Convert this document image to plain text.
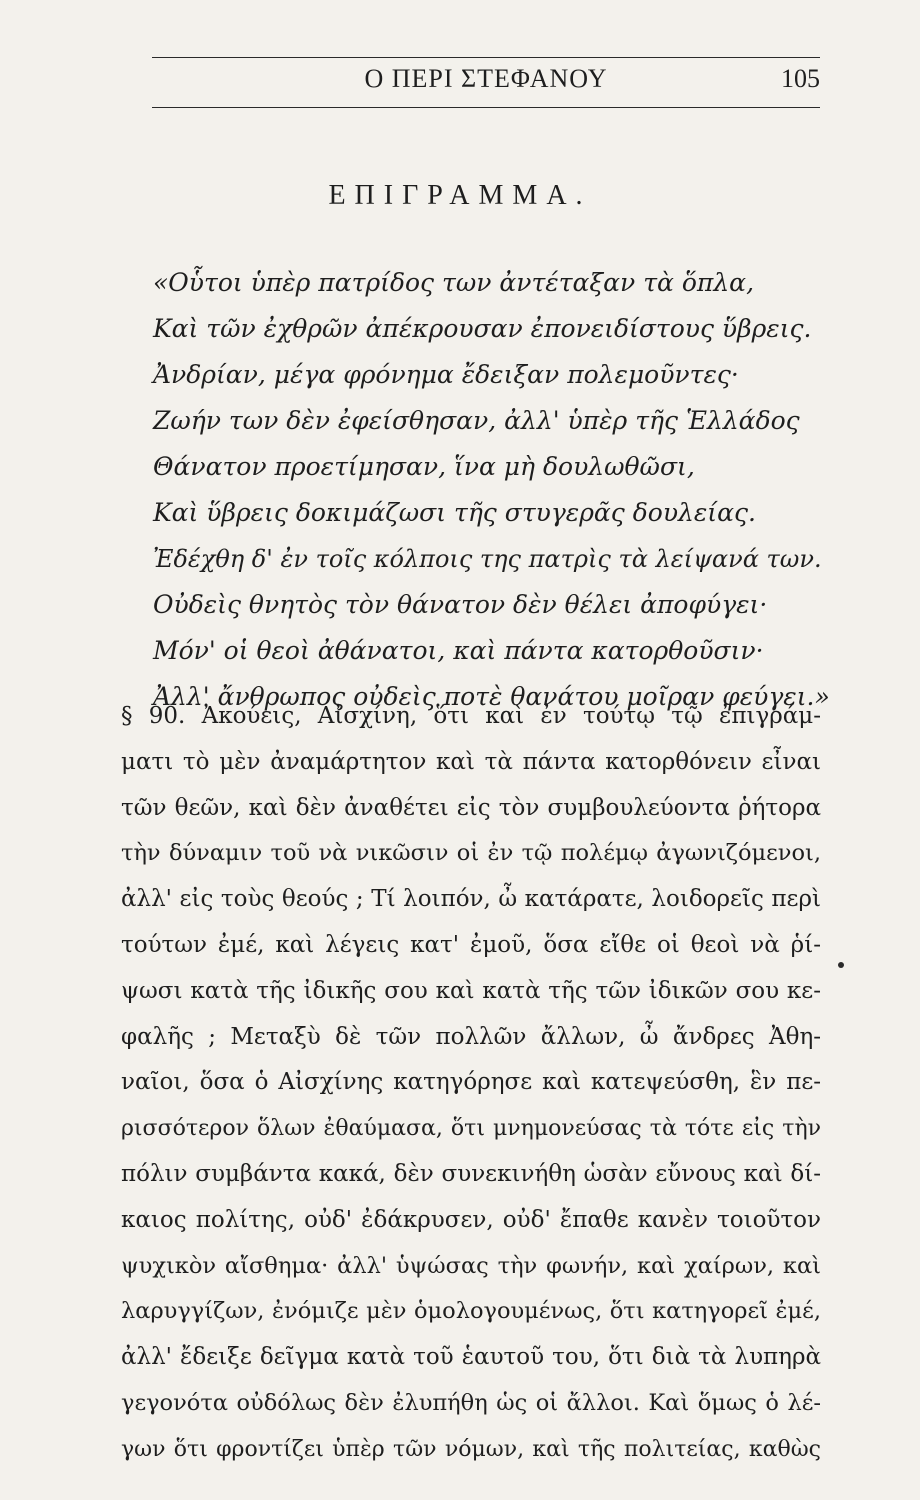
Ο ΠΕΡΙ ΣΤΕΦΑΝΟΥ	105
ΕΠΙΓΡΑΜΜΑ.
«Οὗτοι ὑπὲρ πατρίδος των ἀντέταξαν τὰ ὅπλα,
Καὶ τῶν ἐχθρῶν ἀπέκρουσαν ἐπονειδίστους ὕβρεις.
Ἀνδρίαν, μέγα φρόνημα ἔδειξαν πολεμοῦντες·
Ζωήν των δὲν ἐφείσθησαν, ἀλλ' ὑπὲρ τῆς Ἑλλάδος
Θάνατον προετίμησαν, ἵνα μὴ δουλωθῶσι,
Καὶ ὕβρεις δοκιμάζωσι τῆς στυγερᾶς δουλείας.
Ἐδέχθη δ' ἐν τοῖς κόλποις της πατρὶς τὰ λείψανά των.
Οὐδεὶς θνητὸς τὸν θάνατον δὲν θέλει ἀποφύγει·
Μόν' οἱ θεοὶ ἀθάνατοι, καὶ πάντα κατορθοῦσιν·
Ἀλλ' ἄνθρωπος οὐδεὶς ποτὲ θανάτου μοῖραν φεύγει.»
§ 90. Ἀκούεις, Αἰσχίνη, ὅτι καὶ ἐν τούτῳ τῷ ἐπιγράμ-
ματι τὸ μὲν ἀναμάρτητον καὶ τὰ πάντα κατορθόνειν εἶναι
τῶν θεῶν, καὶ δὲν ἀναθέτει εἰς τὸν συμβουλεύοντα ῥήτορα
τὴν δύναμιν τοῦ νὰ νικῶσιν οἱ ἐν τῷ πολέμῳ ἀγωνιζόμενοι,
ἀλλ' εἰς τοὺς θεούς ; Τί λοιπόν, ὦ κατάρατε, λοιδορεῖς περὶ
τούτων ἐμέ, καὶ λέγεις κατ' ἐμοῦ, ὅσα εἴθε οἱ θεοὶ νὰ ῥί-
ψωσι κατὰ τῆς ἰδικῆς σου καὶ κατὰ τῆς τῶν ἰδικῶν σου κε-
φαλῆς ; Μεταξὺ δὲ τῶν πολλῶν ἄλλων, ὦ ἄνδρες Ἀθη-
ναῖοι, ὅσα ὁ Αἰσχίνης κατηγόρησε καὶ κατεψεύσθη, ἓν πε-
ρισσότερον ὅλων ἐθαύμασα, ὅτι μνημονεύσας τὰ τότε εἰς τὴν
πόλιν συμβάντα κακά, δὲν συνεκινήθη ὡσὰν εὔνους καὶ δί-
καιος πολίτης, οὐδ' ἐδάκρυσεν, οὐδ' ἔπαθε κανὲν τοιοῦτον
ψυχικὸν αἴσθημα· ἀλλ' ὑψώσας τὴν φωνήν, καὶ χαίρων, καὶ
λαρυγγίζων, ἐνόμιζε μὲν ὁμολογουμένως, ὅτι κατηγορεῖ ἐμέ,
ἀλλ' ἔδειξε δεῖγμα κατὰ τοῦ ἑαυτοῦ του, ὅτι διὰ τὰ λυπηρὰ
γεγονότα οὐδόλως δὲν ἐλυπήθη ὡς οἱ ἄλλοι. Καὶ ὅμως ὁ λέ-
γων ὅτι φροντίζει ὑπὲρ τῶν νόμων, καὶ τῆς πολιτείας, καθὼς
